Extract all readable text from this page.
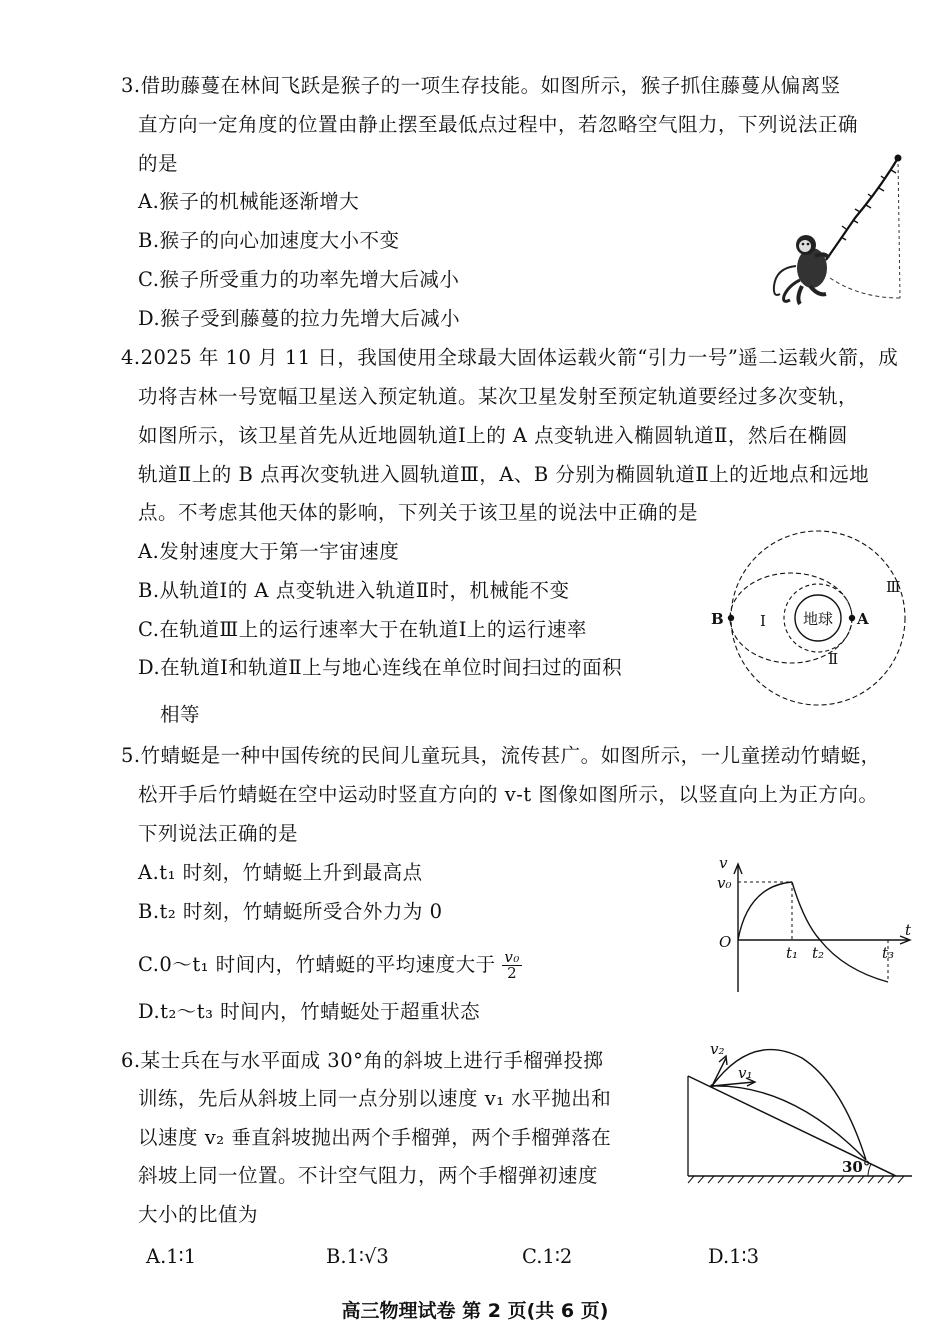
3.借助藤蔓在林间飞跃是猴子的一项生存技能。如图所示，猴子抓住藤蔓从偏离竖
直方向一定角度的位置由静止摆至最低点过程中，若忽略空气阻力，下列说法正确
的是
A.猴子的机械能逐渐增大
B.猴子的向心加速度大小不变
C.猴子所受重力的功率先增大后减小
D.猴子受到藤蔓的拉力先增大后减小
4.2025 年 10 月 11 日，我国使用全球最大固体运载火箭“引力一号”遥二运载火箭，成
功将吉林一号宽幅卫星送入预定轨道。某次卫星发射至预定轨道要经过多次变轨，
如图所示，该卫星首先从近地圆轨道Ⅰ上的 A 点变轨进入椭圆轨道Ⅱ，然后在椭圆
轨道Ⅱ上的 B 点再次变轨进入圆轨道Ⅲ，A、B 分别为椭圆轨道Ⅱ上的近地点和远地
点。不考虑其他天体的影响，下列关于该卫星的说法中正确的是
A.发射速度大于第一宇宙速度
B.从轨道Ⅰ的 A 点变轨进入轨道Ⅱ时，机械能不变
C.在轨道Ⅲ上的运行速率大于在轨道Ⅰ上的运行速率
D.在轨道Ⅰ和轨道Ⅱ上与地心连线在单位时间扫过的面积
相等
地球
B	A
Ⅰ
Ⅱ
Ⅲ
5.竹蜻蜓是一种中国传统的民间儿童玩具，流传甚广。如图所示，一儿童搓动竹蜻蜓，
松开手后竹蜻蜓在空中运动时竖直方向的 v-t 图像如图所示，以竖直向上为正方向。
下列说法正确的是
A.t₁ 时刻，竹蜻蜓上升到最高点
B.t₂ 时刻，竹蜻蜓所受合外力为 0
C.0～t₁ 时间内，竹蜻蜓的平均速度大于 $\frac{\text{v₀}}{2}$
D.t₂～t₃ 时间内，竹蜻蜓处于超重状态
v
t
O
v₀
t₁ t₂	t₃
6.某士兵在与水平面成 30°角的斜坡上进行手榴弹投掷
训练，先后从斜坡上同一点分别以速度 v₁ 水平抛出和
以速度 v₂ 垂直斜坡抛出两个手榴弹，两个手榴弹落在
斜坡上同一位置。不计空气阻力，两个手榴弹初速度
大小的比值为
A.1∶1	B.1∶√3	C.1∶2	D.1∶3
v₂
v₁
30°
高三物理试卷 第 2 页(共 6 页)
